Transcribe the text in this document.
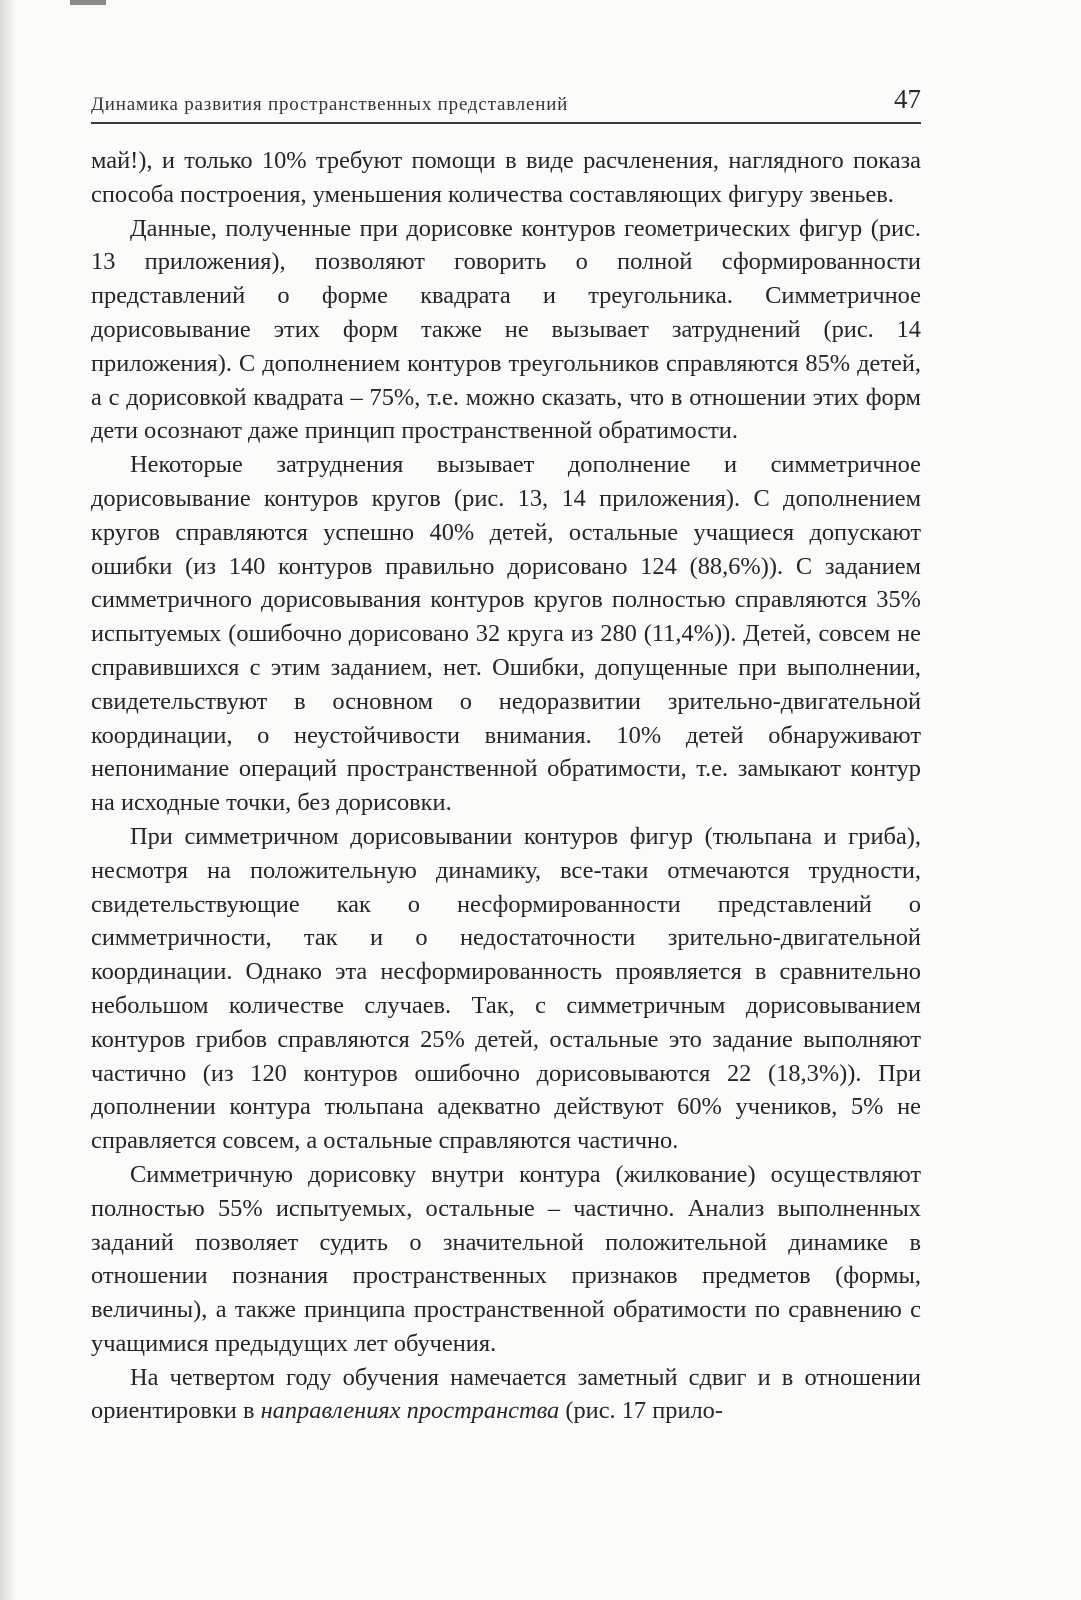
Динамика развития пространственных представлений	47

май!), и только 10% требуют помощи в виде расчленения, наглядного показа способа построения, уменьшения количества составляющих фигуру звеньев.

Данные, полученные при дорисовке контуров геометрических фигур (рис. 13 приложения), позволяют говорить о полной сформированности представлений о форме квадрата и треугольника. Симметричное дорисовывание этих форм также не вызывает затруднений (рис. 14 приложения). С дополнением контуров треугольников справляются 85% детей, а с дорисовкой квадрата – 75%, т.е. можно сказать, что в отношении этих форм дети осознают даже принцип пространственной обратимости.

Некоторые затруднения вызывает дополнение и симметричное дорисовывание контуров кругов (рис. 13, 14 приложения). С дополнением кругов справляются успешно 40% детей, остальные учащиеся допускают ошибки (из 140 контуров правильно дорисовано 124 (88,6%)). С заданием симметричного дорисовывания контуров кругов полностью справляются 35% испытуемых (ошибочно дорисовано 32 круга из 280 (11,4%)). Детей, совсем не справившихся с этим заданием, нет. Ошибки, допущенные при выполнении, свидетельствуют в основном о недоразвитии зрительно-двигательной координации, о неустойчивости внимания. 10% детей обнаруживают непонимание операций пространственной обратимости, т.е. замыкают контур на исходные точки, без дорисовки.

При симметричном дорисовывании контуров фигур (тюльпана и гриба), несмотря на положительную динамику, все-таки отмечаются трудности, свидетельствующие как о несформированности представлений о симметричности, так и о недостаточности зрительно-двигательной координации. Однако эта несформированность проявляется в сравнительно небольшом количестве случаев. Так, с симметричным дорисовыванием контуров грибов справляются 25% детей, остальные это задание выполняют частично (из 120 контуров ошибочно дорисовываются 22 (18,3%)). При дополнении контура тюльпана адекватно действуют 60% учеников, 5% не справляется совсем, а остальные справляются частично.

Симметричную дорисовку внутри контура (жилкование) осуществляют полностью 55% испытуемых, остальные – частично. Анализ выполненных заданий позволяет судить о значительной положительной динамике в отношении познания пространственных признаков предметов (формы, величины), а также принципа пространственной обратимости по сравнению с учащимися предыдущих лет обучения.

На четвертом году обучения намечается заметный сдвиг и в отношении ориентировки в направлениях пространства (рис. 17 прило-
